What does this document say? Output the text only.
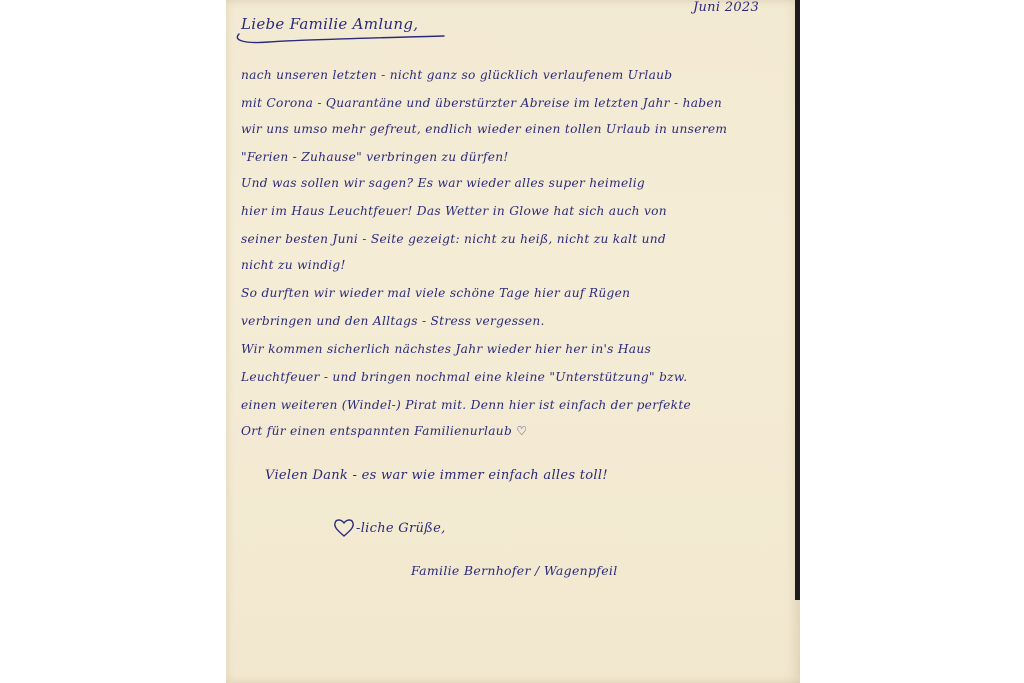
Juni 2023
Liebe Familie Amlung,
nach unseren letzten - nicht ganz so glücklich verlaufenem Urlaub
mit Corona - Quarantäne und überstürzter Abreise im letzten Jahr - haben
wir uns umso mehr gefreut, endlich wieder einen tollen Urlaub in unserem
"Ferien - Zuhause" verbringen zu dürfen!
Und was sollen wir sagen? Es war wieder alles super heimelig
hier im Haus Leuchtfeuer! Das Wetter in Glowe hat sich auch von
seiner besten Juni - Seite gezeigt: nicht zu heiß, nicht zu kalt und
nicht zu windig!
So durften wir wieder mal viele schöne Tage hier auf Rügen
verbringen und den Alltags - Stress vergessen.
Wir kommen sicherlich nächstes Jahr wieder hier her in's Haus
Leuchtfeuer - und bringen nochmal eine kleine "Unterstützung" bzw.
einen weiteren (Windel-) Pirat mit. Denn hier ist einfach der perfekte
Ort für einen entspannten Familienurlaub ♡
Vielen Dank - es war wie immer einfach alles toll!
-liche Grüße,
Familie Bernhofer / Wagenpfeil
